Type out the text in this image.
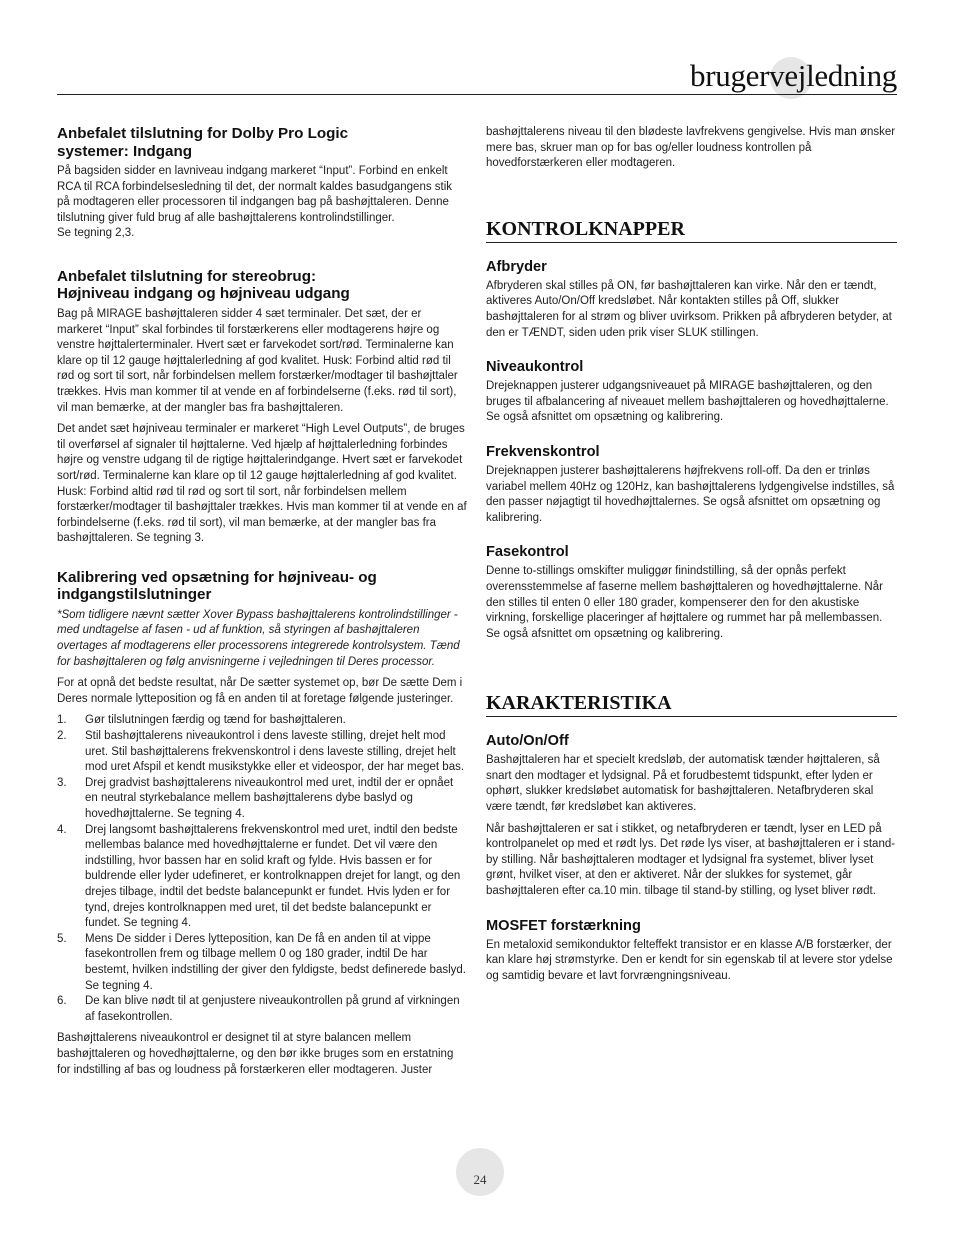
brugervejledning
Anbefalet tilslutning for Dolby Pro Logic systemer: Indgang

På bagsiden sidder en lavniveau indgang markeret “Input”. Forbind en enkelt RCA til RCA forbindelsesledning til det, der normalt kaldes basudgangens stik på modtageren eller processoren til indgangen bag på bashøjttaleren. Denne tilslutning giver fuld brug af alle bashøjttalerens kontrolindstillinger.

Se tegning 2,3.

Anbefalet tilslutning for stereobrug: Højniveau indgang og højniveau udgang

Bag på MIRAGE bashøjttaleren sidder 4 sæt terminaler. Det sæt, der er markeret “Input” skal forbindes til forstærkerens eller modtagerens højre og venstre højttalerterminaler. Hvert sæt er farvekodet sort/rød. Terminalerne kan klare op til 12 gauge højttalerledning af god kvalitet. Husk: Forbind altid rød til rød og sort til sort, når forbindelsen mellem forstærker/modtager til bashøjttaler trækkes. Hvis man kommer til at vende en af forbindelserne (f.eks. rød til sort), vil man bemærke, at der mangler bas fra bashøjttaleren.

Det andet sæt højniveau terminaler er markeret “High Level Outputs”, de bruges til overførsel af signaler til højttalerne. Ved hjælp af højttalerledning forbindes højre og venstre udgang til de rigtige højttalerindgange. Hvert sæt er farvekodet sort/rød. Terminalerne kan klare op til 12 gauge højttalerledning af god kvalitet. Husk: Forbind altid rød til rød og sort til sort, når forbindelsen mellem forstærker/modtager til bashøjttaler trækkes. Hvis man kommer til at vende en af forbindelserne (f.eks. rød til sort), vil man bemærke, at der mangler bas fra bashøjttaleren. Se tegning 3.

Kalibrering ved opsætning for højniveau- og indgangstilslutninger

*Som tidligere nævnt sætter Xover Bypass bashøjttalerens kontrolindstillinger - med undtagelse af fasen - ud af funktion, så styringen af bashøjttaleren overtages af modtagerens eller processorens integrerede kontrolsystem. Tænd for bashøjttaleren og følg anvisningerne i vejledningen til Deres processor.

For at opnå det bedste resultat, når De sætter systemet op, bør De sætte Dem i Deres normale lytteposition og få en anden til at foretage følgende justeringer.

1. Gør tilslutningen færdig og tænd for bashøjttaleren.
2. Stil bashøjttalerens niveaukontrol i dens laveste stilling, drejet helt mod uret. Stil bashøjttalerens frekvenskontrol i dens laveste stilling, drejet helt mod uret Afspil et kendt musikstykke eller et videospor, der har meget bas.
3. Drej gradvist bashøjttalerens niveaukontrol med uret, indtil der er opnået en neutral styrkebalance mellem bashøjttalerens dybe baslyd og hovedhøjttalerne. Se tegning 4.
4. Drej langsomt bashøjttalerens frekvenskontrol med uret, indtil den bedste mellembas balance med hovedhøjttalerne er fundet. Det vil være den indstilling, hvor bassen har en solid kraft og fylde. Hvis bassen er for buldrende eller lyder udefineret, er kontrolknappen drejet for langt, og den drejes tilbage, indtil det bedste balancepunkt er fundet. Hvis lyden er for tynd, drejes kontrolknappen med uret, til det bedste balancepunkt er fundet. Se tegning 4.
5. Mens De sidder i Deres lytteposition, kan De få en anden til at vippe fasekontrollen frem og tilbage mellem 0 og 180 grader, indtil De har bestemt, hvilken indstilling der giver den fyldigste, bedst definerede baslyd. Se tegning 4.
6. De kan blive nødt til at genjustere niveaukontrollen på grund af virkningen af fasekontrollen.

Bashøjttalerens niveaukontrol er designet til at styre balancen mellem bashøjttaleren og hovedhøjttalerne, og den bør ikke bruges som en erstatning for indstilling af bas og loudness på forstærkeren eller modtageren. Juster

bashøjttalerens niveau til den blødeste lavfrekvens gengivelse. Hvis man ønsker mere bas, skruer man op for bas og/eller loudness kontrollen på hovedforstærkeren eller modtageren.

KONTROLKNAPPER
Afbryder

Afbryderen skal stilles på ON, før bashøjttaleren kan virke. Når den er tændt, aktiveres Auto/On/Off kredsløbet. Når kontakten stilles på Off, slukker bashøjttaleren for al strøm og bliver uvirksom. Prikken på afbryderen betyder, at den er TÆNDT, siden uden prik viser SLUK stillingen.

Niveaukontrol

Drejeknappen justerer udgangsniveauet på MIRAGE bashøjttaleren, og den bruges til afbalancering af niveauet mellem bashøjttaleren og hovedhøjttalerne. Se også afsnittet om opsætning og kalibrering.

Frekvenskontrol

Drejeknappen justerer bashøjttalerens højfrekvens roll-off. Da den er trinløs variabel mellem 40Hz og 120Hz, kan bashøjttalerens lydgengivelse indstilles, så den passer nøjagtigt til hovedhøjttalernes. Se også afsnittet om opsætning og kalibrering.

Fasekontrol

Denne to-stillings omskifter muliggør finindstilling, så der opnås perfekt overensstemmelse af faserne mellem bashøjttaleren og hovedhøjttalerne. Når den stilles til enten 0 eller 180 grader, kompenserer den for den akustiske virkning, forskellige placeringer af højttalere og rummet har på mellembassen. Se også afsnittet om opsætning og kalibrering.

KARAKTERISTIKA
Auto/On/Off

Bashøjttaleren har et specielt kredsløb, der automatisk tænder højttaleren, så snart den modtager et lydsignal. På et forudbestemt tidspunkt, efter lyden er ophørt, slukker kredsløbet automatisk for bashøjttaleren. Netafbryderen skal være tændt, før kredsløbet kan aktiveres.

Når bashøjttaleren er sat i stikket, og netafbryderen er tændt, lyser en LED på kontrolpanelet op med et rødt lys. Det røde lys viser, at bashøjttaleren er i stand-by stilling. Når bashøjttaleren modtager et lydsignal fra systemet, bliver lyset grønt, hvilket viser, at den er aktiveret. Når der slukkes for systemet, går bashøjttaleren efter ca.10 min. tilbage til stand-by stilling, og lyset bliver rødt.

MOSFET forstærkning

En metaloxid semikonduktor felteffekt transistor er en klasse A/B forstærker, der kan klare høj strømstyrke. Den er kendt for sin egenskab til at levere stor ydelse og samtidig bevare et lavt forvrængningsniveau.

24
